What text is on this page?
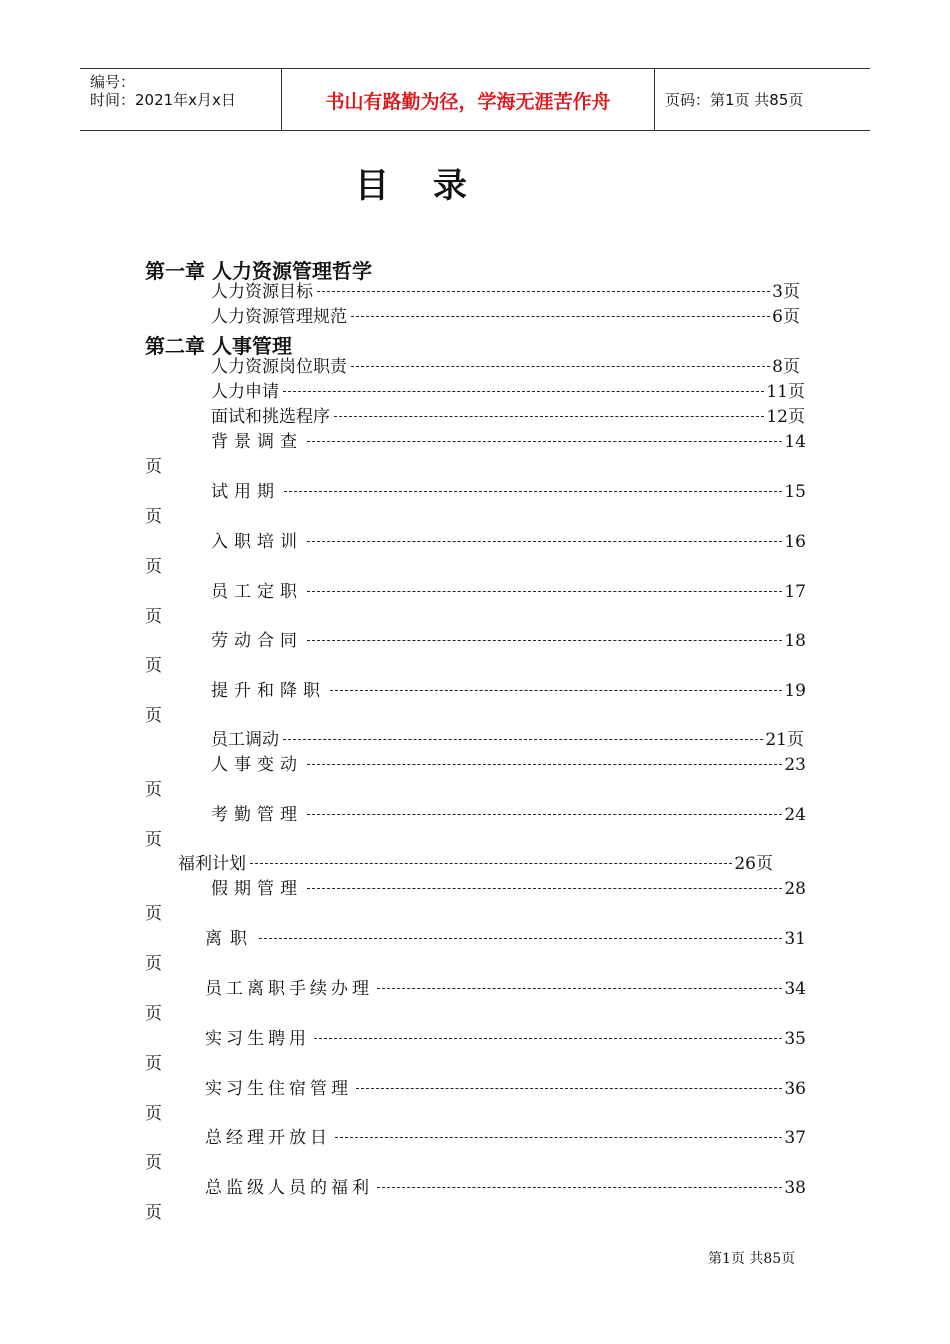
编号：
时间：2021年x月x日	书山有路勤为径，学海无涯苦作舟	页码：第1页 共85页
目录
第一章 人力资源管理哲学
第二章 人事管理
人力资源目标	3页
人力资源管理规范	6页
人力资源岗位职责	8页
人力申请	11页
面试和挑选程序	12页
背景调查	14
页
试用期	15
页
入职培训	16
页
员工定职	17
页
劳动合同	18
页
提升和降职	19
页
员工调动	21页
人事变动	23
页
考勤管理	24
页
福利计划	26页
假期管理	28
页
离职	31
页
员工离职手续办理	34
页
实习生聘用	35
页
实习生住宿管理	36
页
总经理开放日	37
页
总监级人员的福利	38
页
第1页 共85页
